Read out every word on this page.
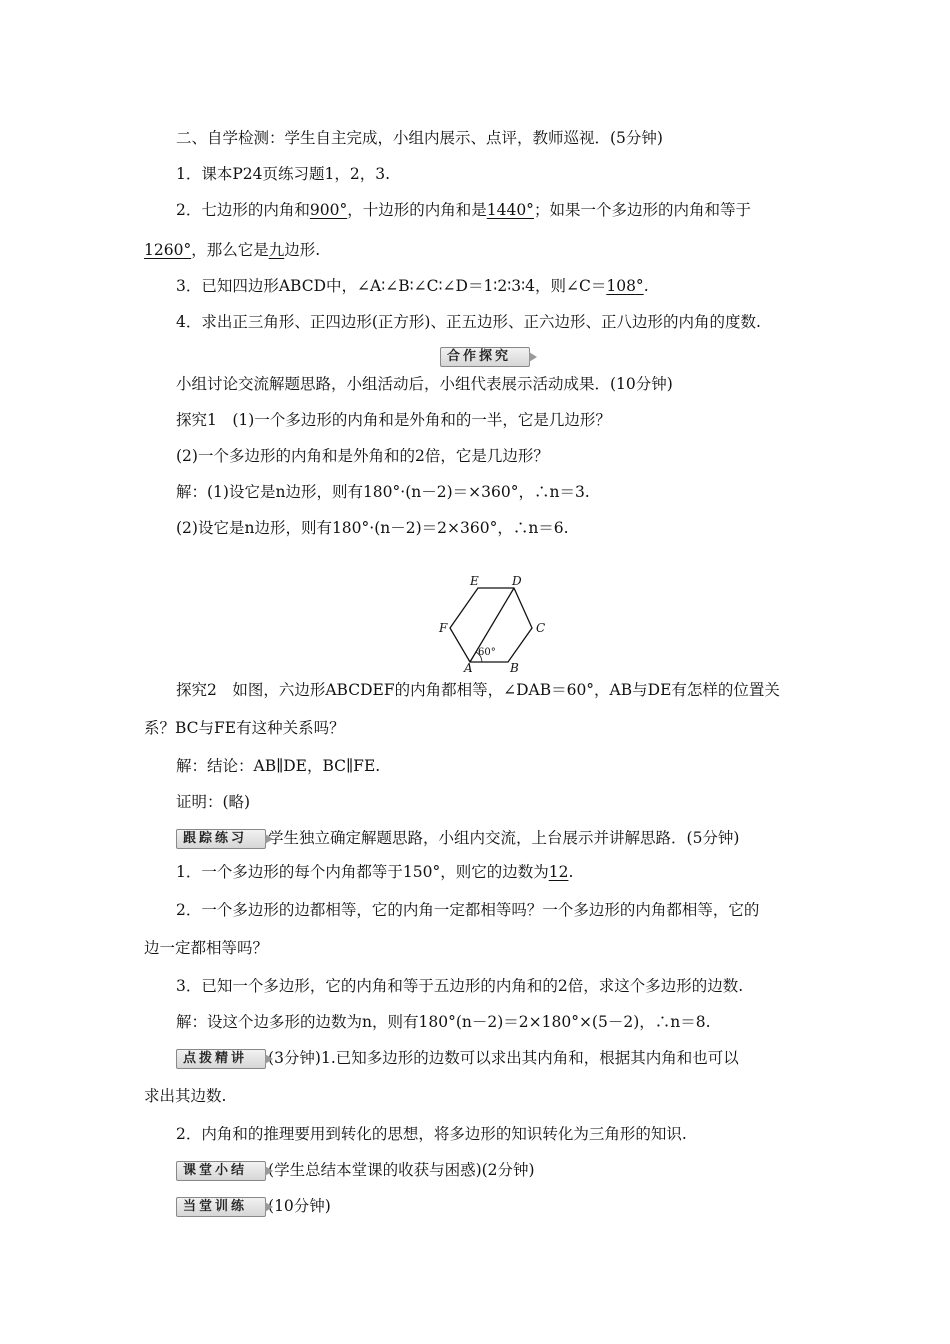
二、自学检测：学生自主完成，小组内展示、点评，教师巡视．(5分钟)
1．课本P24页练习题1，2，3.
2．七边形的内角和900°，十边形的内角和是1440°；如果一个多边形的内角和等于
1260°，那么它是九边形.
3．已知四边形ABCD中，∠A∶∠B∶∠C∶∠D＝1∶2∶3∶4，则∠C＝108°.
4．求出正三角形、正四边形(正方形)、正五边形、正六边形、正八边形的内角的度数.
合作探究
小组讨论交流解题思路，小组活动后，小组代表展示活动成果．(10分钟)
探究1　(1)一个多边形的内角和是外角和的一半，它是几边形？
(2)一个多边形的内角和是外角和的2倍，它是几边形？
解：(1)设它是n边形，则有180°·(n－2)＝×360°，∴n＝3.
(2)设它是n边形，则有180°·(n－2)＝2×360°，∴n＝6.
60°
A	B
C
D
E
F
探究2　如图，六边形ABCDEF的内角都相等，∠DAB＝60°，AB与DE有怎样的位置关
系？BC与FE有这种关系吗？
解：结论：AB∥DE，BC∥FE.
证明：(略)
跟踪练习 学生独立确定解题思路，小组内交流，上台展示并讲解思路．(5分钟)
1．一个多边形的每个内角都等于150°，则它的边数为12.
2．一个多边形的边都相等，它的内角一定都相等吗？一个多边形的内角都相等，它的
边一定都相等吗？
3．已知一个多边形，它的内角和等于五边形的内角和的2倍，求这个多边形的边数.
解：设这个边多形的边数为n，则有180°(n－2)＝2×180°×(5－2)，∴n＝8.
点拨精讲 (3分钟)1.已知多边形的边数可以求出其内角和，根据其内角和也可以
求出其边数.
2．内角和的推理要用到转化的思想，将多边形的知识转化为三角形的知识.
课堂小结 (学生总结本堂课的收获与困惑)(2分钟)
当堂训练 (10分钟)
